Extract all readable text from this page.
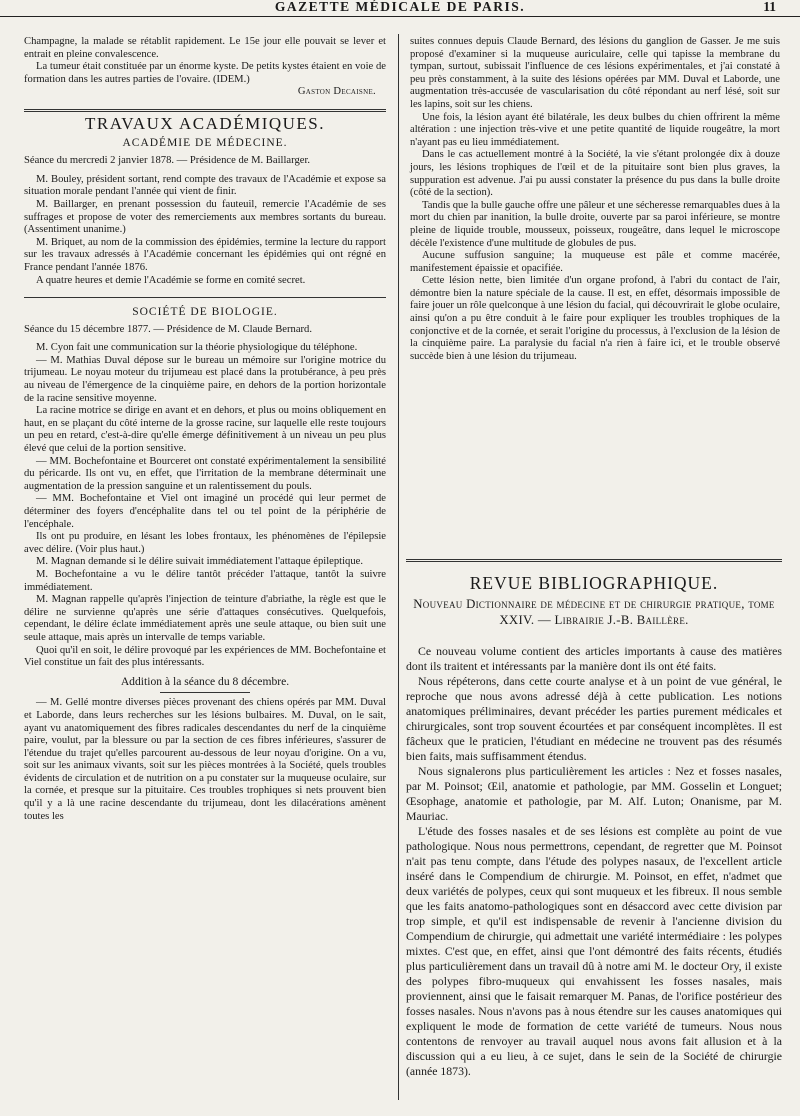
GAZETTE MÉDICALE DE PARIS.	11

Champagne, la malade se rétablit rapidement. Le 15e jour elle pouvait se lever et entrait en pleine convalescence.

La tumeur était constituée par un énorme kyste. De petits kystes étaient en voie de formation dans les autres parties de l'ovaire. (IDEM.)

Gaston Decaisne.

TRAVAUX ACADÉMIQUES.

ACADÉMIE DE MÉDECINE.

Séance du mercredi 2 janvier 1878. — Présidence de M. Baillarger.

M. Bouley, président sortant, rend compte des travaux de l'Académie et expose sa situation morale pendant l'année qui vient de finir.

M. Baillarger, en prenant possession du fauteuil, remercie l'Académie de ses suffrages et propose de voter des remerciements aux membres sortants du bureau. (Assentiment unanime.)

M. Briquet, au nom de la commission des épidémies, termine la lecture du rapport sur les travaux adressés à l'Académie concernant les épidémies qui ont régné en France pendant l'année 1876.

A quatre heures et demie l'Académie se forme en comité secret.

SOCIÉTÉ DE BIOLOGIE.

Séance du 15 décembre 1877. — Présidence de M. Claude Bernard.

M. Cyon fait une communication sur la théorie physiologique du téléphone.

— M. Mathias Duval dépose sur le bureau un mémoire sur l'origine motrice du trijumeau. Le noyau moteur du trijumeau est placé dans la protubérance, à peu près au niveau de l'émergence de la cinquième paire, en dehors de la portion horizontale de la racine sensitive moyenne.

La racine motrice se dirige en avant et en dehors, et plus ou moins obliquement en haut, en se plaçant du côté interne de la grosse racine, sur laquelle elle reste toujours un peu en retard, c'est-à-dire qu'elle émerge définitivement à un niveau un peu plus élevé que celui de la portion sensitive.

— MM. Bochefontaine et Bourceret ont constaté expérimentalement la sensibilité du péricarde. Ils ont vu, en effet, que l'irritation de la membrane déterminait une augmentation de la pression sanguine et un ralentissement du pouls.

— MM. Bochefontaine et Viel ont imaginé un procédé qui leur permet de déterminer des foyers d'encéphalite dans tel ou tel point de la périphérie de l'encéphale.

Ils ont pu produire, en lésant les lobes frontaux, les phénomènes de l'épilepsie avec délire. (Voir plus haut.)

M. Magnan demande si le délire suivait immédiatement l'attaque épileptique.

M. Bochefontaine a vu le délire tantôt précéder l'attaque, tantôt la suivre immédiatement.

M. Magnan rappelle qu'après l'injection de teinture d'abriathe, la règle est que le délire ne survienne qu'après une série d'attaques consécutives. Quelquefois, cependant, le délire éclate immédiatement après une seule attaque, ou bien suit une seule attaque, mais après un intervalle de temps variable.

Quoi qu'il en soit, le délire provoqué par les expériences de MM. Bochefontaine et Viel constitue un fait des plus intéressants.

Addition à la séance du 8 décembre.

— M. Gellé montre diverses pièces provenant des chiens opérés par MM. Duval et Laborde, dans leurs recherches sur les lésions bulbaires. M. Duval, on le sait, ayant vu anatomiquement des fibres radicales descendantes du nerf de la cinquième paire, voulut, par la blessure ou par la section de ces fibres inférieures, s'assurer de l'étendue du trajet qu'elles parcourent au-dessous de leur noyau d'origine. On a vu, soit sur les animaux vivants, soit sur les pièces montrées à la Société, quels troubles évidents de circulation et de nutrition on a pu constater sur la muqueuse oculaire, sur la cornée, et presque sur la pituitaire. Ces troubles trophiques si nets prouvent bien qu'il y a là une racine descendante du trijumeau, dont les dilacérations amènent toutes les

suites connues depuis Claude Bernard, des lésions du ganglion de Gasser. Je me suis proposé d'examiner si la muqueuse auriculaire, celle qui tapisse la membrane du tympan, surtout, subissait l'influence de ces lésions expérimentales, et j'ai constaté à peu près constamment, à la suite des lésions opérées par MM. Duval et Laborde, une augmentation très-accusée de vascularisation du côté répondant au nerf lésé, soit sur les lapins, soit sur les chiens.

Une fois, la lésion ayant été bilatérale, les deux bulbes du chien offrirent la même altération : une injection très-vive et une petite quantité de liquide rougeâtre, la mort n'ayant pas eu lieu immédiatement.

Dans le cas actuellement montré à la Société, la vie s'étant prolongée dix à douze jours, les lésions trophiques de l'œil et de la pituitaire sont bien plus graves, la suppuration est advenue. J'ai pu aussi constater la présence du pus dans la bulle droite (côté de la section).

Tandis que la bulle gauche offre une pâleur et une sécheresse remarquables dues à la mort du chien par inanition, la bulle droite, ouverte par sa paroi inférieure, se montre pleine de liquide trouble, mousseux, poisseux, rougeâtre, dans lequel le microscope décèle l'existence d'une multitude de globules de pus.

Aucune suffusion sanguine; la muqueuse est pâle et comme macérée, manifestement épaissie et opacifiée.

Cette lésion nette, bien limitée d'un organe profond, à l'abri du contact de l'air, démontre bien la nature spéciale de la cause. Il est, en effet, désormais impossible de faire jouer un rôle quelconque à une lésion du facial, qui découvrirait le globe oculaire, ainsi qu'on a pu être conduit à le faire pour expliquer les troubles trophiques de la conjonctive et de la cornée, et serait l'origine du processus, à l'exclusion de la lésion de la cinquième paire. La paralysie du facial n'a rien à faire ici, et le trouble observé succède bien à une lésion du trijumeau.

REVUE BIBLIOGRAPHIQUE.

Nouveau Dictionnaire de médecine et de chirurgie pratique, tome XXIV. — Librairie J.-B. Baillère.

Ce nouveau volume contient des articles importants à cause des matières dont ils traitent et intéressants par la manière dont ils ont été faits.

Nous répéterons, dans cette courte analyse et à un point de vue général, le reproche que nous avons adressé déjà à cette publication. Les notions anatomiques préliminaires, devant précéder les parties purement médicales et chirurgicales, sont trop souvent écourtées et par conséquent incomplètes. Il est fâcheux que le praticien, l'étudiant en médecine ne trouvent pas des résumés bien faits, mais suffisamment étendus.

Nous signalerons plus particulièrement les articles : Nez et fosses nasales, par M. Poinsot; Œil, anatomie et pathologie, par MM. Gosselin et Longuet; Œsophage, anatomie et pathologie, par M. Alf. Luton; Onanisme, par M. Mauriac.

L'étude des fosses nasales et de ses lésions est complète au point de vue pathologique. Nous nous permettrons, cependant, de regretter que M. Poinsot n'ait pas tenu compte, dans l'étude des polypes nasaux, de l'excellent article inséré dans le Compendium de chirurgie. M. Poinsot, en effet, n'admet que deux variétés de polypes, ceux qui sont muqueux et les fibreux. Il nous semble que les faits anatomo-pathologiques sont en désaccord avec cette division par trop simple, et qu'il est indispensable de revenir à l'ancienne division du Compendium de chirurgie, qui admettait une variété intermédiaire : les polypes mixtes. C'est que, en effet, ainsi que l'ont démontré des faits récents, étudiés plus particulièrement dans un travail dû à notre ami M. le docteur Ory, il existe des polypes fibro-muqueux qui envahissent les fosses nasales, mais proviennent, ainsi que le faisait remarquer M. Panas, de l'orifice postérieur des fosses nasales. Nous n'avons pas à nous étendre sur les causes anatomiques qui expliquent le mode de formation de cette variété de tumeurs. Nous nous contentons de renvoyer au travail auquel nous avons fait allusion et à la discussion qui a eu lieu, à ce sujet, dans le sein de la Société de chirurgie (année 1873).
